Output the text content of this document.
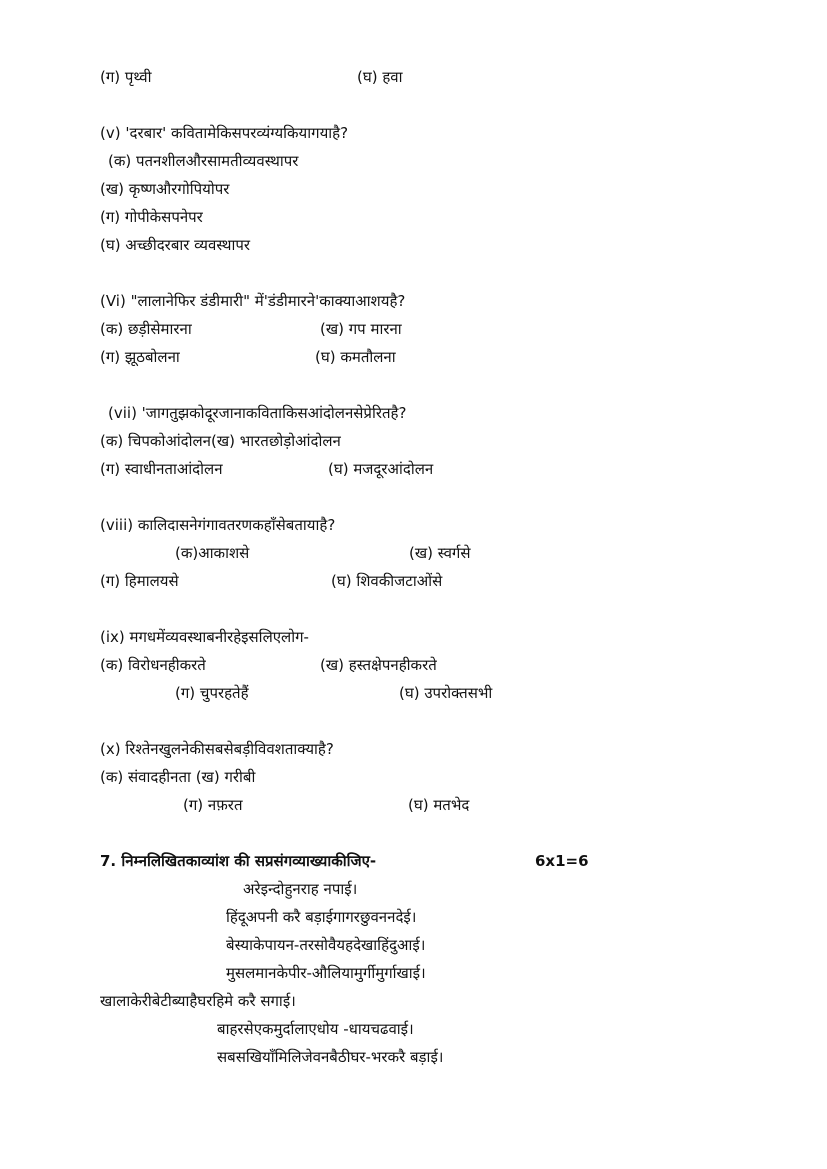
(ग) पृथ्वी	(घ) हवा
(v) 'दरबार' कवितामेकिसपरव्यंग्यकियागयाहै?
(क) पतनशीलऔरसामतीव्यवस्थापर
(ख) कृष्णऔरगोपियोपर
(ग) गोपीकेसपनेपर
(घ) अच्छीदरबार व्यवस्थापर
(Vi) "लालानेफिर डंडीमारी" में'डंडीमारने'काक्याआशयहै?
(क) छड़ीसेमारना	(ख) गप मारना
(ग) झूठबोलना	(घ) कमतौलना
(vii) 'जागतुझकोदूरजानाकविताकिसआंदोलनसेप्रेरितहै?
(क) चिपकोआंदोलन(ख) भारतछोड़ोआंदोलन
(ग) स्वाधीनताआंदोलन	(घ) मजदूरआंदोलन
(viii) कालिदासनेगंगावतरणकहाँसेबतायाहै?
(क)आकाशसे	(ख) स्वर्गसे
(ग) हिमालयसे	(घ) शिवकीजटाओंसे
(ix) मगधमेंव्यवस्थाबनीरहेइसलिएलोग-
(क) विरोधनहीकरते	(ख) हस्तक्षेपनहीकरते
(ग) चुपरहतेहैं	(घ) उपरोक्तसभी
(x) रिश्तेनखुलनेकीसबसेबड़ीविवशताक्याहै?
(क) संवादहीनता (ख) गरीबी
(ग) नफ़रत	(घ) मतभेद
7. निम्नलिखितकाव्यांश की सप्रसंगव्याख्याकीजिए-	6x1=6
अरेइन्दोहुनराह नपाई।
हिंदूअपनी करै बड़ाईगागरछुवननदेई।
बेस्याकेपायन-तरसोवैयहदेखाहिंदुआई।
मुसलमानकेपीर-औलियामुर्गीमुर्गाखाई।
खालाकेरीबेटीब्याहैघरहिमे करै सगाई।
बाहरसेएकमुर्दालाएधोय -धायचढवाई।
सबसखियाँमिलिजेवनबैठीघर-भरकरै बड़ाई।
